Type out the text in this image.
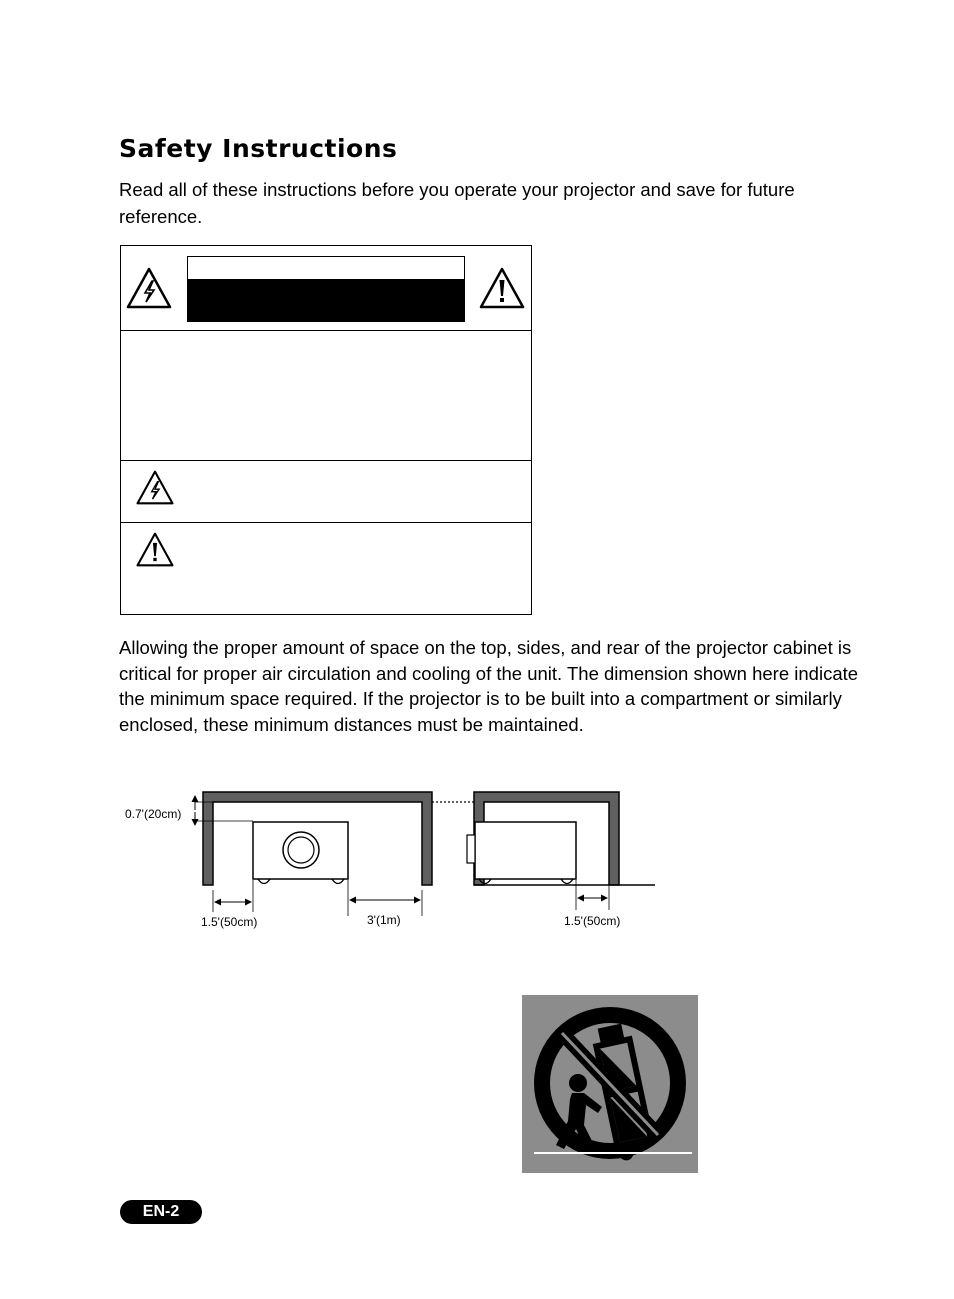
Safety Instructions

Read all of these instructions before you operate your projector and save for future reference.

Allowing the proper amount of space on the top, sides, and rear of the projector cabinet is critical for proper air circulation and cooling of the unit. The dimension shown here indicate the minimum space required. If the projector is to be built into a compartment or similarly enclosed, these minimum distances must be maintained.

0.7'(20cm)
1.5'(50cm)	3'(1m)	1.5'(50cm)
EN-2
